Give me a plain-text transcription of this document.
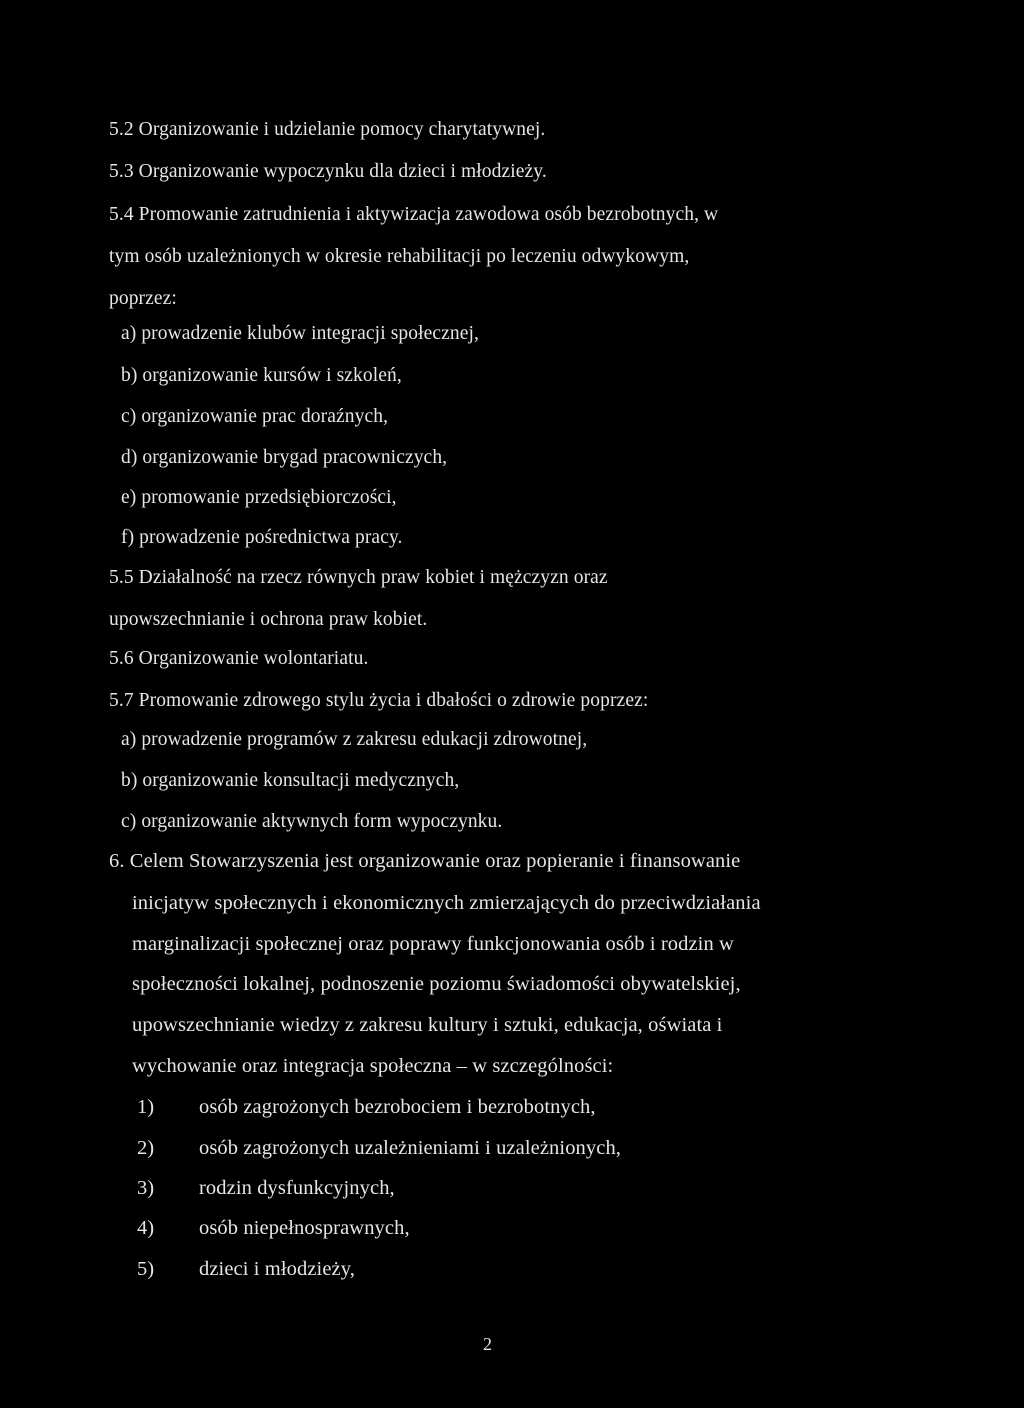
5.2 Organizowanie i udzielanie pomocy charytatywnej.
5.3 Organizowanie wypoczynku dla dzieci i młodzieży.
5.4 Promowanie zatrudnienia i aktywizacja zawodowa osób bezrobotnych, w
tym osób uzależnionych w okresie rehabilitacji po leczeniu odwykowym,
poprzez:
a) prowadzenie klubów integracji społecznej,
b) organizowanie kursów i szkoleń,
c) organizowanie prac doraźnych,
d) organizowanie brygad pracowniczych,
e) promowanie przedsiębiorczości,
f) prowadzenie pośrednictwa pracy.
5.5 Działalność na rzecz równych praw kobiet i mężczyzn oraz
upowszechnianie i ochrona praw kobiet.
5.6 Organizowanie wolontariatu.
5.7 Promowanie zdrowego stylu życia i dbałości o zdrowie poprzez:
a) prowadzenie programów z zakresu edukacji zdrowotnej,
b) organizowanie konsultacji medycznych,
c) organizowanie aktywnych form wypoczynku.
6. Celem Stowarzyszenia jest organizowanie oraz popieranie i finansowanie
inicjatyw społecznych i ekonomicznych zmierzających do przeciwdziałania
marginalizacji społecznej oraz poprawy funkcjonowania osób i rodzin w
społeczności lokalnej, podnoszenie poziomu świadomości obywatelskiej,
upowszechnianie wiedzy z zakresu kultury i sztuki, edukacja, oświata i
wychowanie oraz integracja społeczna – w szczególności:
1) osób zagrożonych bezrobociem i bezrobotnych,
2) osób zagrożonych uzależnieniami i uzależnionych,
3) rodzin dysfunkcyjnych,
4) osób niepełnosprawnych,
5) dzieci i młodzieży,
2
